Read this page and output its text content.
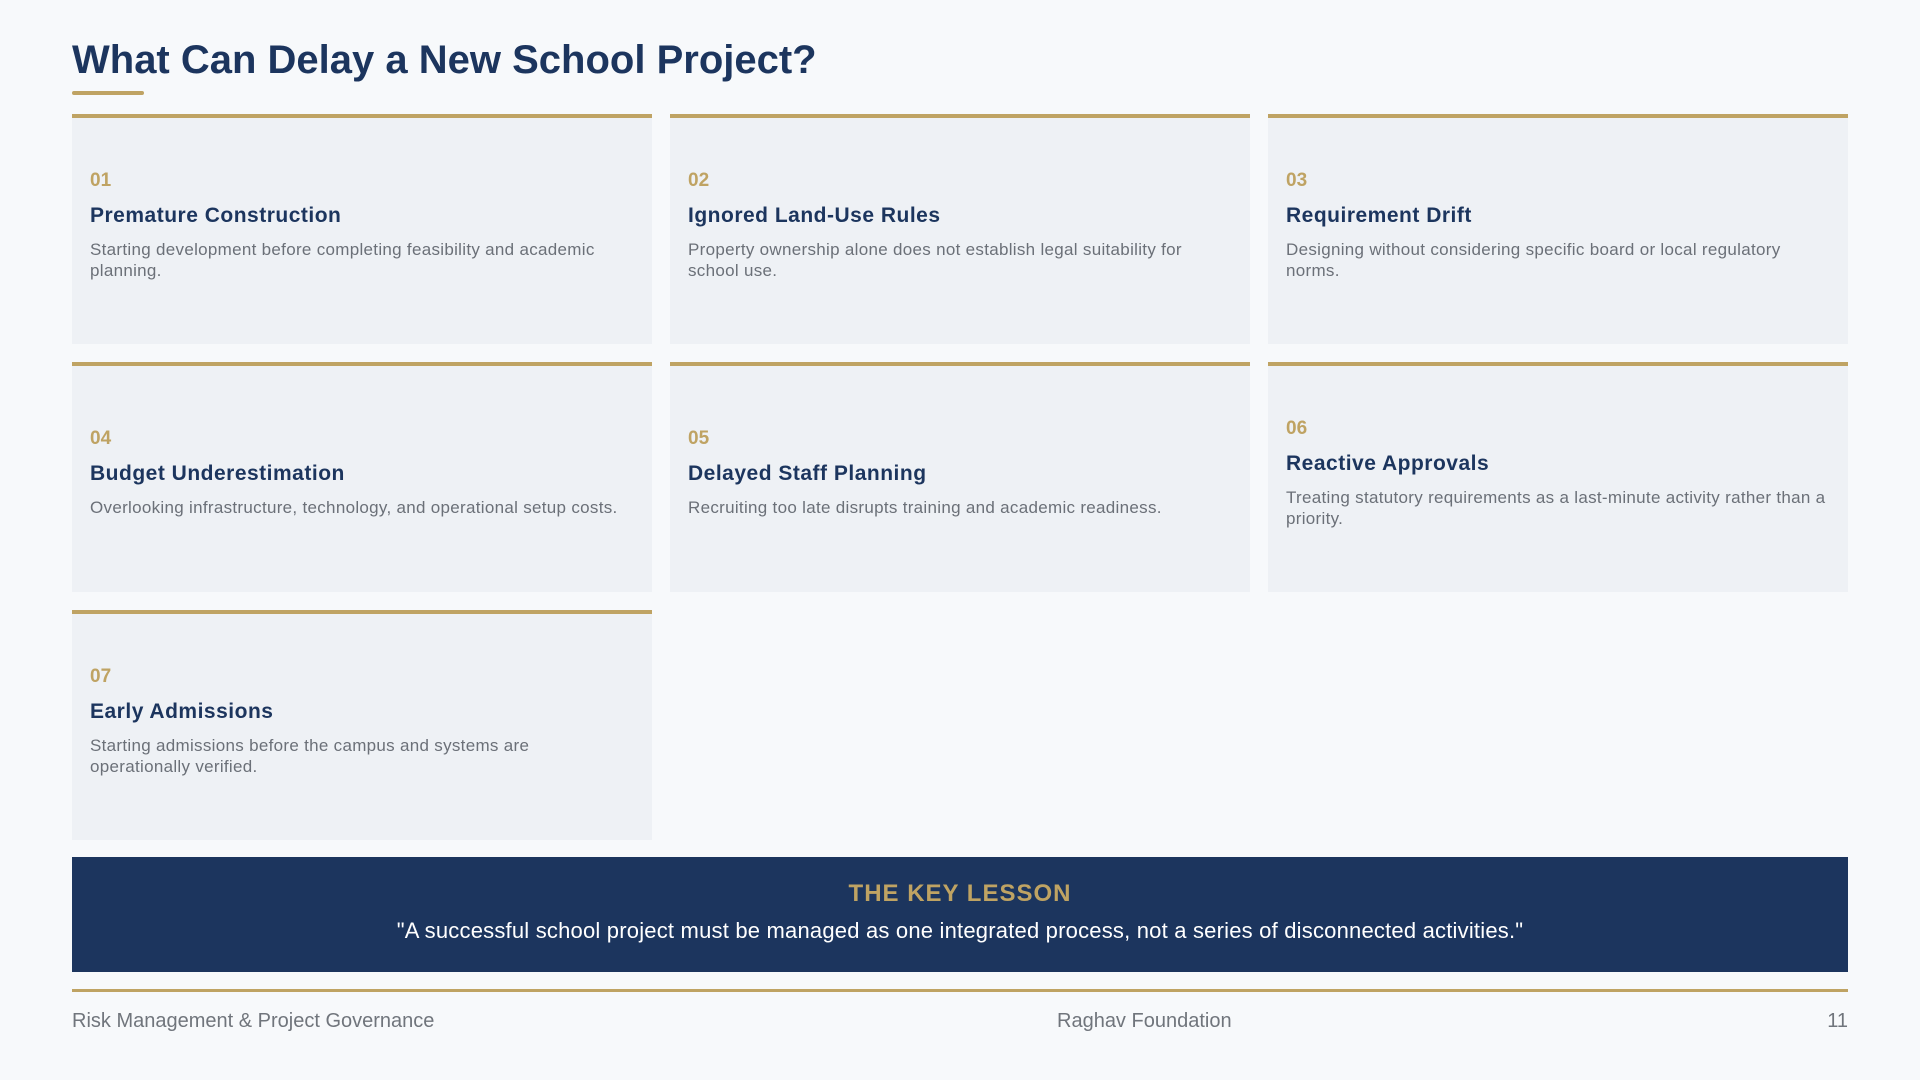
What Can Delay a New School Project?
01
Premature Construction
Starting development before completing feasibility and academic planning.
02
Ignored Land-Use Rules
Property ownership alone does not establish legal suitability for school use.
03
Requirement Drift
Designing without considering specific board or local regulatory norms.
04
Budget Underestimation
Overlooking infrastructure, technology, and operational setup costs.
05
Delayed Staff Planning
Recruiting too late disrupts training and academic readiness.
06
Reactive Approvals
Treating statutory requirements as a last-minute activity rather than a priority.
07
Early Admissions
Starting admissions before the campus and systems are operationally verified.
THE KEY LESSON
"A successful school project must be managed as one integrated process, not a series of disconnected activities."
Risk Management & Project Governance	Raghav Foundation	11
